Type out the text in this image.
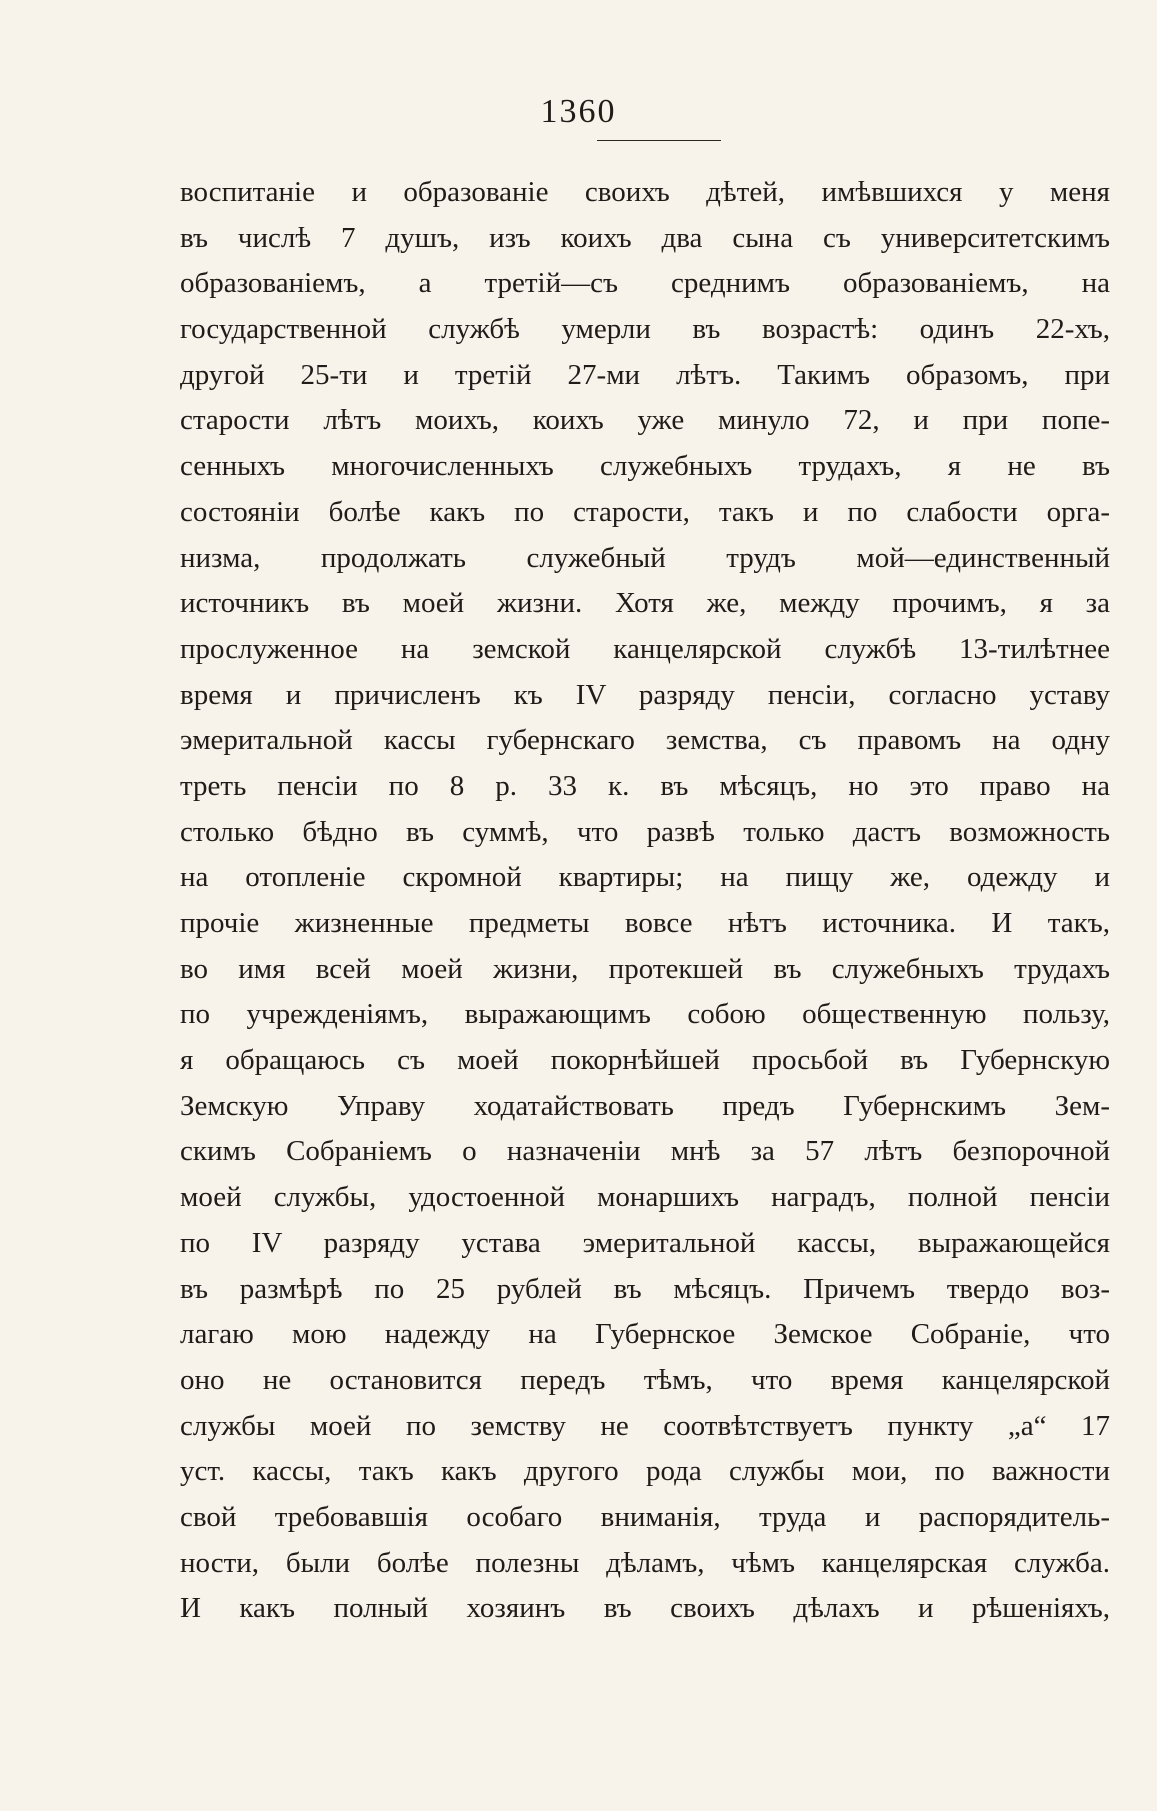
1360
воспитаніе и образованіе своихъ дѣтей, имѣвшихся у меня
въ числѣ 7 душъ, изъ коихъ два сына съ университетскимъ
образованіемъ, а третій—съ среднимъ образованіемъ, на
государственной службѣ умерли въ возрастѣ: одинъ 22-хъ,
другой 25-ти и третій 27-ми лѣтъ. Такимъ образомъ, при
старости лѣтъ моихъ, коихъ уже минуло 72, и при попе-
сенныхъ многочисленныхъ служебныхъ трудахъ, я не въ
состояніи болѣе какъ по старости, такъ и по слабости орга-
низма, продолжать служебный трудъ мой—единственный
источникъ въ моей жизни. Хотя же, между прочимъ, я за
прослуженное на земской канцелярской службѣ 13-тилѣтнее
время и причисленъ къ IV разряду пенсіи, согласно уставу
эмеритальной кассы губернскаго земства, съ правомъ на одну
треть пенсіи по 8 р. 33 к. въ мѣсяцъ, но это право на
столько бѣдно въ суммѣ, что развѣ только дастъ возможность
на отопленіе скромной квартиры; на пищу же, одежду и
прочіе жизненные предметы вовсе нѣтъ источника. И такъ,
во имя всей моей жизни, протекшей въ служебныхъ трудахъ
по учрежденіямъ, выражающимъ собою общественную пользу,
я обращаюсь съ моей покорнѣйшей просьбой въ Губернскую
Земскую Управу ходатайствовать предъ Губернскимъ Зем-
скимъ Собраніемъ о назначеніи мнѣ за 57 лѣтъ безпорочной
моей службы, удостоенной монаршихъ наградъ, полной пенсіи
по IV разряду устава эмеритальной кассы, выражающейся
въ размѣрѣ по 25 рублей въ мѣсяцъ. Причемъ твердо воз-
лагаю мою надежду на Губернское Земское Собраніе, что
оно не остановится передъ тѣмъ, что время канцелярской
службы моей по земству не соотвѣтствуетъ пункту „а“ 17
уст. кассы, такъ какъ другого рода службы мои, по важности
свой требовавшія особаго вниманія, труда и распорядитель-
ности, были болѣе полезны дѣламъ, чѣмъ канцелярская служба.
И какъ полный хозяинъ въ своихъ дѣлахъ и рѣшеніяхъ,
